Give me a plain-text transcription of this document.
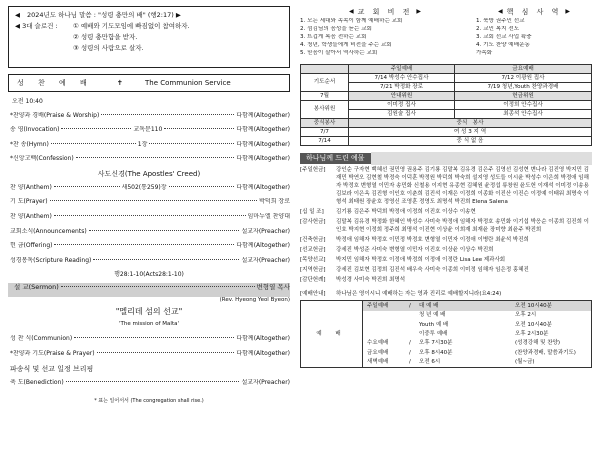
◀	2024년도 하나님 말씀 :
"성령 충만의 배" (행2:17)
▶
◀ 3대 슬로건 :	① 예배와 기도모임에 빠짐없이 참여하자.
② 성령 충만함을 받자.
③ 성령의 사람으로 살자.
성 찬 예 배	✝	The Communion Service
오전 10:40
*찬양과 경배(Praise & Worship)	다함께(Altogether)
송 영(Invocation)	교독문110	다함께(Altogether)
*찬 송(Hymn)	1장	다함께(Altogether)
*신앙고백(Confession)	다함께(Altogether)
사도신경(The Apostles' Creed)
찬 양(Anthem)	새502(통259)장	다함께(Altogether)
기 도(Prayer)	박덕희 장로
찬 양(Anthem)	임마누엘 찬양대
교회소식(Announcements)	설교자(Preacher)
헌 금(Offering)	다함께(Altogether)
성경봉독(Scripture Reading)	설교자(Preacher)
행28:1-10(Acts28:1-10)
설 교(Sermon)	변형열 목사
(Rev. Hyeong Yeol Byeon)
"멜리데 섬의 선교"
'The mission of Malta'
성 찬 식(Communion)	다함께(Altogether)
*찬양과 기도(Praise & Prayer)	다함께(Altogether)
파송식 및 선교 일정 브리핑
축 도(Benediction)	설교자(Preacher)
* 표는 일어서서 (The congregation shall rise.)
◀ 교 회 비 전 ▶
1. 모든 세대와 족속이 함께 예배하는 교회
2. 섬김님의 음성을 듣는 교회
3. 뜨겁게 복음 전하는 교회
4. 청년, 학생들에게 비전을 주는 교회
5. 믿음이 살아서 역사하는 교회
◀ 핵 심 사 역 ▶
1. 북방 권주민 선교
2. 교민 복지 전도
3. 교회 선교 사업 확충
4. 기도 찬양 예배운동
가속화
	주일예배	금요예배
기도순서	7/14 박성수 안수집사	7/12 이광원 집사
	7/21 박정화 장로	7/19 청년,Youth 찬양과경배
7월	안내위원	헌금위원
봉사위원	이미정 집사	이정희 안수집사
	김원술 집사	최종석 안수집사
중식봉사	중식 봉사	
7/7	여 성 3 지 역	
7/14	중 식 없 음	
하나님께 드린 예물
[주일헌금]	강인순 구자현 백혜선 권민영 권용주 김기룡 김말복 김유경 김은주 김영선 김성현 변나라 김진영 박지민 김재민 박연오 김현철 박정숙 이덕훈 박정원 박덕희 박숙희 설지영 성도들 이시윤 박성수 이은희 박정애 임해자 박정호 변형열 이민자 송민화 신철용 이지현 유종현 김혜원 윤정섭 류창원 윤도헌 이재석 이미정 이송용 김보라 이은옥 김진형 이인호 이춘희 김진석 이재은 이정희 이종화 이진산 이진슨 이정예 이태워 최명숙 이형석 최태원 장윤호 정영신 조영훈 정영도 최명석 박진희 Elena Salena
[십 일 조]	김기룡 김은주 박덕희 박정애 이정희 이진호 이상수 이송현
[감사헌금]	김말복 김유경 박정화 한혜인 박성수 사미숙 박정애 임해자 박정호 송민화 이기섭 박응순 이종희 김진희 이인호 박지현 이정희 정주희 최명석 이진현 이상윤 이희재 최재윤 장미향 최윤주 박진희
[건축헌금]	박정애 임해자 박정호 이민정 박정호 변형열 이민자 이정애 이병란 최윤석 박진희
[선교헌금]	강세진 박성준 사미숙 변형열 이민자 이진호 이상윤 이상수 박진희
[목양선교]	박지민 임해자 박정호 이정애 박정희 이정애 이정란 Lisa Lee 제과사회
[지역헌금]	강세진 김보현 김정희 김진석 배우숙 사미숙 이종희 이미정 임해자 임은정 홍혜진
[감단헌례]	박성경 사미숙 박진희 최명석
[예배안내]	하나님은 영이시니 예배하는 자는 영과 진리로 예배할지니라(요4:24)
예 배	
주일예배	/	대 예 배	오전 10시40분
청 년 예 배	오후 2시
Youth 예 배	오전 10시40분
이중투 예배	오후 2시30분
수요예배	/	오후 7시30분	(성경강해 및 찬양)
금요예배	/	오후 8시40분	(찬양과경배, 말씀과기도)
새벽예배	/	오전 6시	(월~금)
